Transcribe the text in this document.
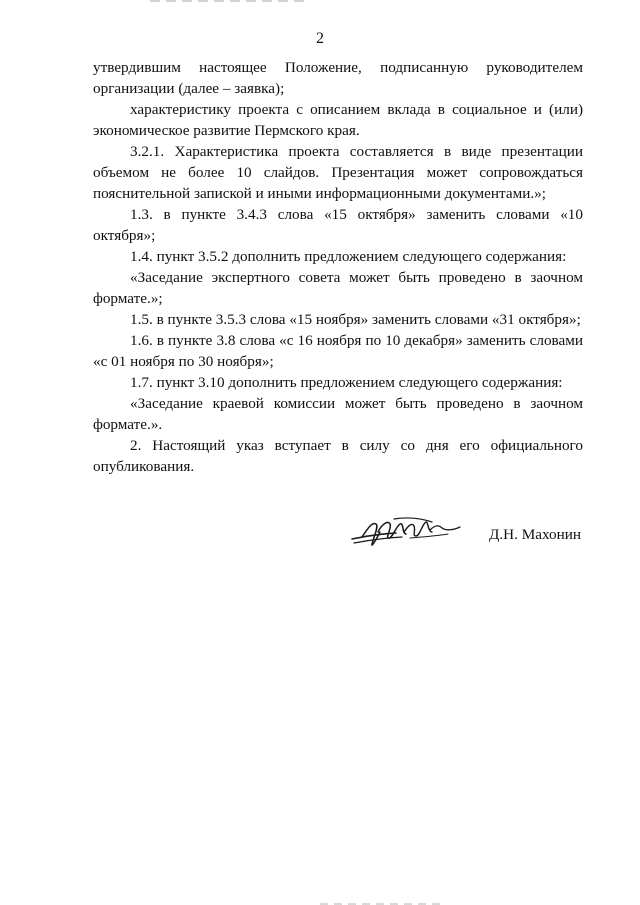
2

утвердившим настоящее Положение, подписанную руководителем организации (далее – заявка);

характеристику проекта с описанием вклада в социальное и (или) экономическое развитие Пермского края.

3.2.1. Характеристика проекта составляется в виде презентации объемом не более 10 слайдов. Презентация может сопровождаться пояснительной запиской и иными информационными документами.»;

1.3. в пункте 3.4.3 слова «15 октября» заменить словами «10 октября»;

1.4. пункт 3.5.2 дополнить предложением следующего содержания:

«Заседание экспертного совета может быть проведено в заочном формате.»;

1.5. в пункте 3.5.3 слова «15 ноября» заменить словами «31 октября»;

1.6. в пункте 3.8 слова «с 16 ноября по 10 декабря» заменить словами «с 01 ноября по 30 ноября»;

1.7. пункт 3.10 дополнить предложением следующего содержания:

«Заседание краевой комиссии может быть проведено в заочном формате.».

2. Настоящий указ вступает в силу со дня его официального опубликования.

Д.Н. Махонин
